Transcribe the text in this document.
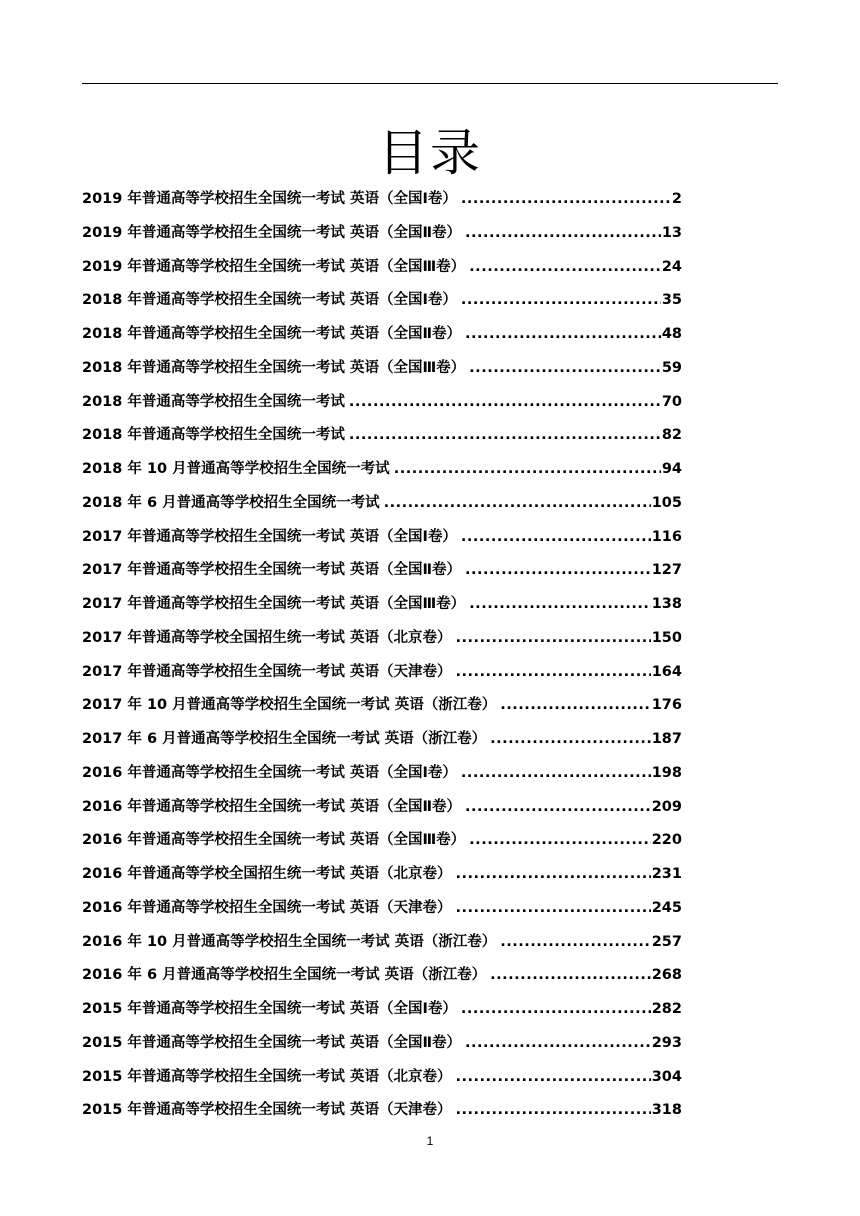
目录
2019 年普通高等学校招生全国统一考试 英语（全国Ⅰ卷） .....	2
2019 年普通高等学校招生全国统一考试 英语（全国Ⅱ卷） .....	13
2019 年普通高等学校招生全国统一考试 英语（全国Ⅲ卷） .....	24
2018 年普通高等学校招生全国统一考试 英语（全国Ⅰ卷） .....	35
2018 年普通高等学校招生全国统一考试 英语（全国Ⅱ卷） .....	48
2018 年普通高等学校招生全国统一考试 英语（全国Ⅲ卷） .....	59
2018 年普通高等学校招生全国统一考试 .....	70
2018 年普通高等学校招生全国统一考试 .....	82
2018 年 10 月普通高等学校招生全国统一考试 .....	94
2018 年 6 月普通高等学校招生全国统一考试 .....	105
2017 年普通高等学校招生全国统一考试 英语（全国Ⅰ卷） .....	116
2017 年普通高等学校招生全国统一考试 英语（全国Ⅱ卷） .....	127
2017 年普通高等学校招生全国统一考试 英语（全国Ⅲ卷） .....	138
2017 年普通高等学校全国招生统一考试 英语（北京卷） .....	150
2017 年普通高等学校招生全国统一考试 英语（天津卷） .....	164
2017 年 10 月普通高等学校招生全国统一考试 英语（浙江卷） .....	176
2017 年 6 月普通高等学校招生全国统一考试 英语（浙江卷） .....	187
2016 年普通高等学校招生全国统一考试 英语（全国Ⅰ卷） .....	198
2016 年普通高等学校招生全国统一考试 英语（全国Ⅱ卷） .....	209
2016 年普通高等学校招生全国统一考试 英语（全国Ⅲ卷） .....	220
2016 年普通高等学校全国招生统一考试 英语（北京卷） .....	231
2016 年普通高等学校招生全国统一考试 英语（天津卷） .....	245
2016 年 10 月普通高等学校招生全国统一考试 英语（浙江卷） .....	257
2016 年 6 月普通高等学校招生全国统一考试 英语（浙江卷） .....	268
2015 年普通高等学校招生全国统一考试 英语（全国Ⅰ卷） .....	282
2015 年普通高等学校招生全国统一考试 英语（全国Ⅱ卷） .....	293
2015 年普通高等学校招生全国统一考试 英语（北京卷） .....	304
2015 年普通高等学校招生全国统一考试 英语（天津卷） .....	318
1
